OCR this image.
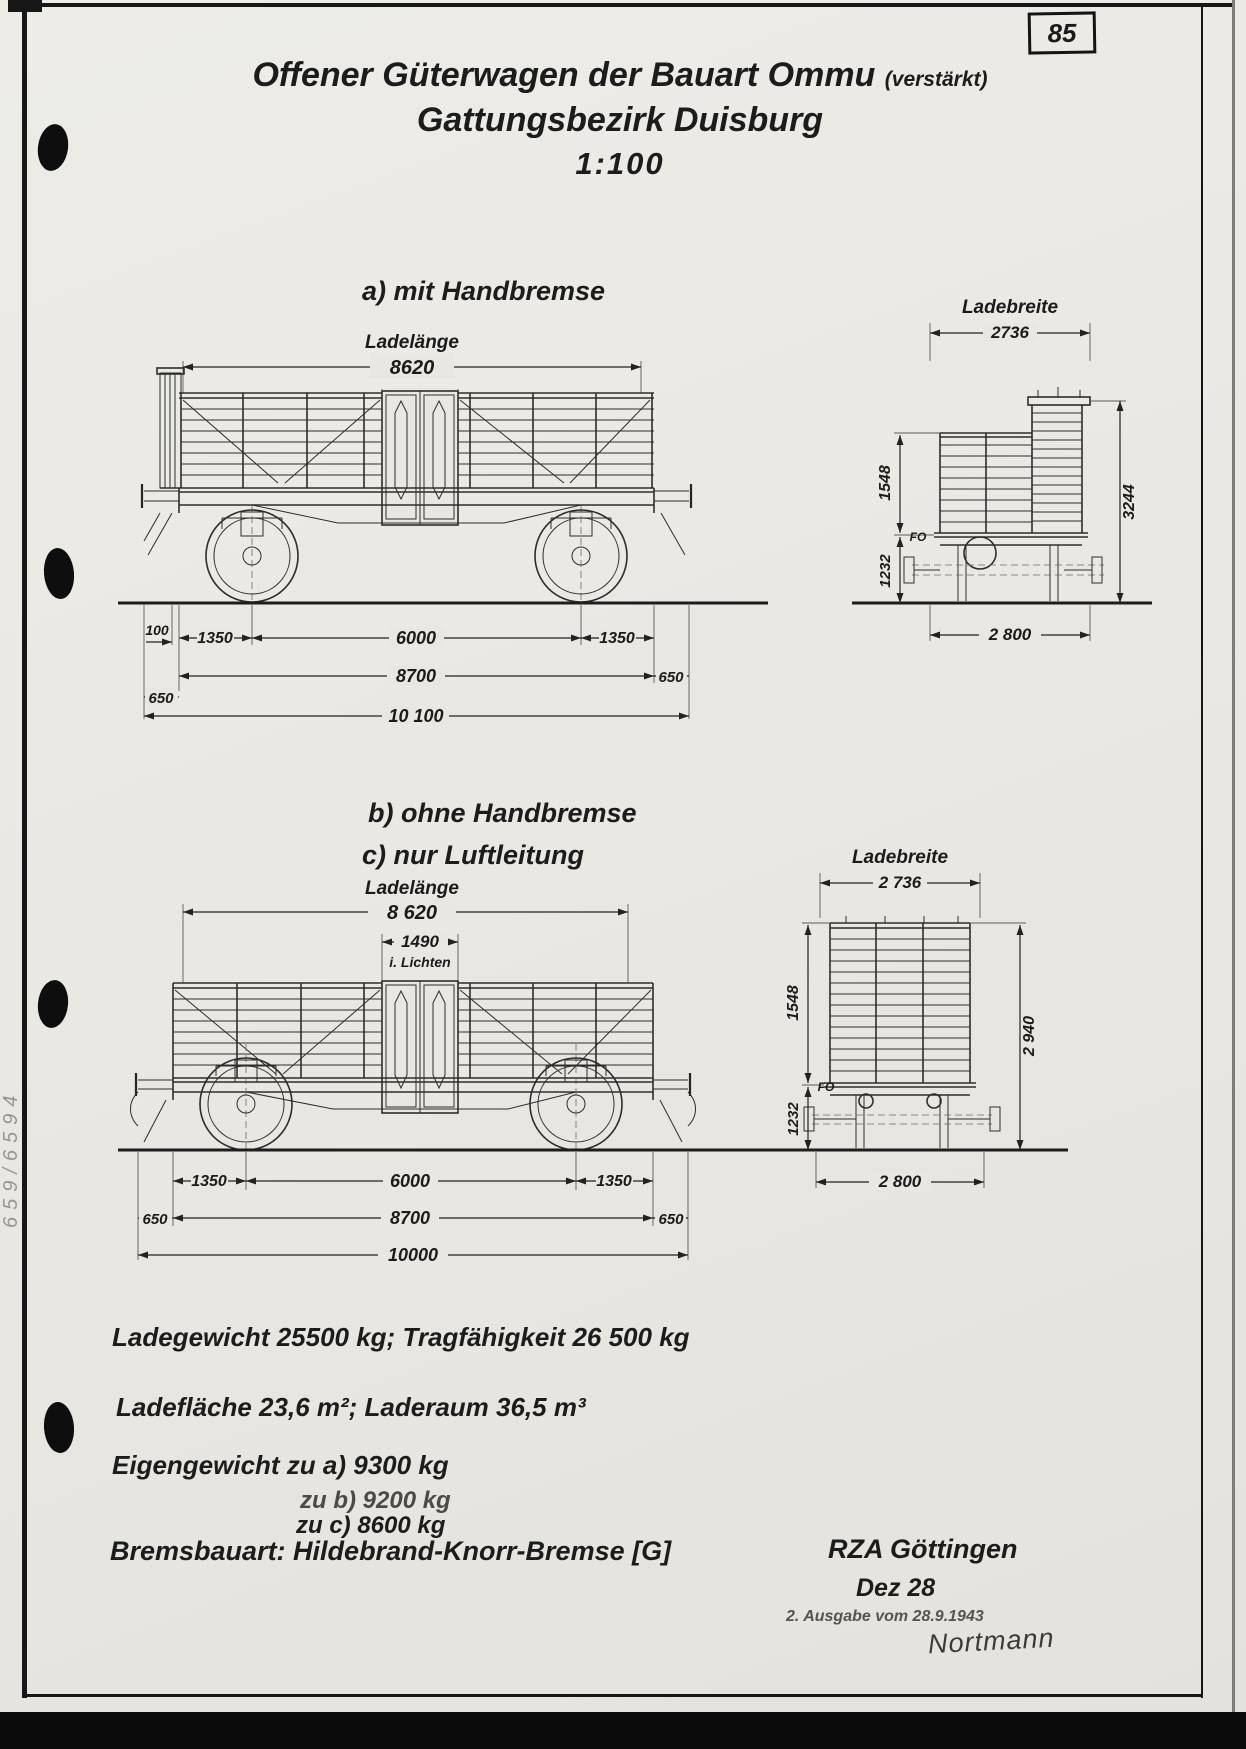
659/6594
85
Offener Güterwagen der Bauart Ommu (verstärkt)
Gattungsbezirk Duisburg
1:100
a) mit Handbremse
Ladelänge
8620
100 1350	6000	1350
8700	650
650
10 100
Ladebreite
2736
1548
FO
1232
3244
2 800
b) ohne Handbremse
c) nur Luftleitung
Ladelänge
8 620
1490
i. Lichten
1350	6000	1350
650	8700	650
10000
Ladebreite
2 736
1548
FO
1232
2 940
2 800
Ladegewicht 25500 kg; Tragfähigkeit 26 500 kg
Ladefläche 23,6 m²; Laderaum 36,5 m³
Eigengewicht zu a) 9300 kg
zu b) 9200 kg
zu c) 8600 kg
Bremsbauart: Hildebrand-Knorr-Bremse [G]	RZA Göttingen
Dez 28
2. Ausgabe vom 28.9.1943
Nortmann
